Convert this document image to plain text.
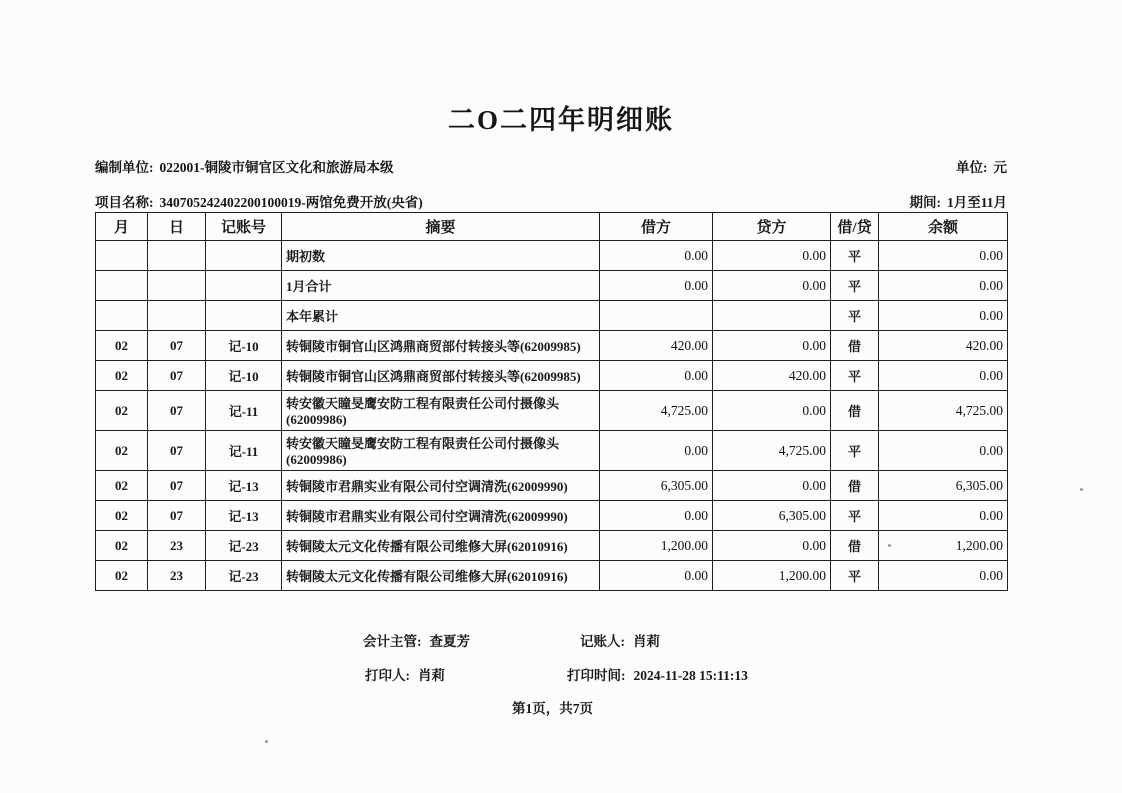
二O二四年明细账
编制单位: 022001-铜陵市铜官区文化和旅游局本级	单位: 元
项目名称: 340705242402200100019-两馆免费开放(央省)	期间: 1月至11月
月	日	记账号	摘要	借方	贷方	借/贷	余额
			期初数	0.00	0.00	平	0.00
			1月合计	0.00	0.00	平	0.00
			本年累计			平	0.00
02	07	记-10	转铜陵市铜官山区鸿鼎商贸部付转接头等(62009985)	420.00	0.00	借	420.00
02	07	记-10	转铜陵市铜官山区鸿鼎商贸部付转接头等(62009985)	0.00	420.00	平	0.00
02	07	记-11	转安徽天瞳旻鹰安防工程有限责任公司付摄像头(62009986)	4,725.00	0.00	借	4,725.00
02	07	记-11	转安徽天瞳旻鹰安防工程有限责任公司付摄像头(62009986)	0.00	4,725.00	平	0.00
02	07	记-13	转铜陵市君鼎实业有限公司付空调清洗(62009990)	6,305.00	0.00	借	6,305.00
02	07	记-13	转铜陵市君鼎实业有限公司付空调清洗(62009990)	0.00	6,305.00	平	0.00
02	23	记-23	转铜陵太元文化传播有限公司维修大屏(62010916)	1,200.00	0.00	借	1,200.00
02	23	记-23	转铜陵太元文化传播有限公司维修大屏(62010916)	0.00	1,200.00	平	0.00
会计主管: 查夏芳	记账人: 肖莉
打印人: 肖莉	打印时间: 2024-11-28 15:11:13
第1页，共7页
